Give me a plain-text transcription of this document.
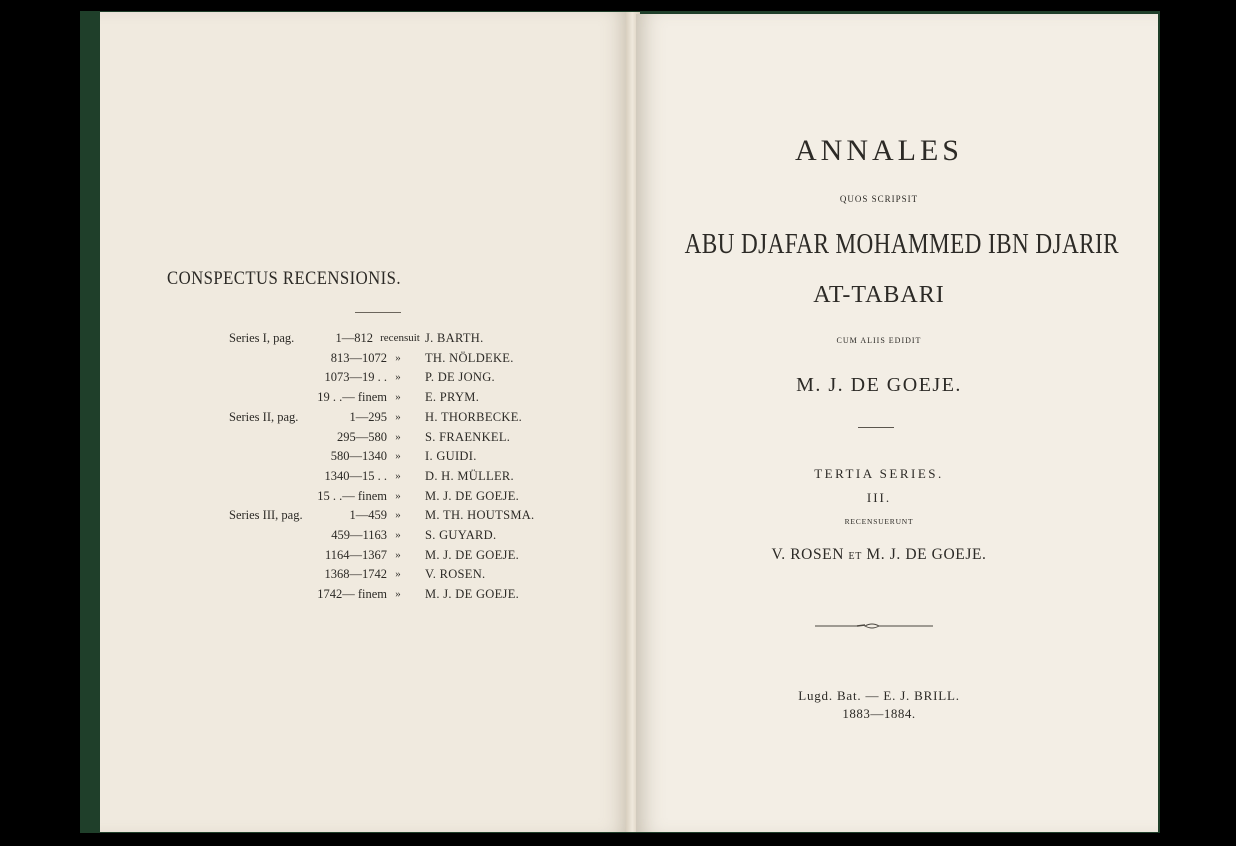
CONSPECTUS RECENSIONIS.
Series I, pag.	1—812 recensuit J. BARTH.
813—1072 »	TH. NÖLDEKE.
1073—19 . . »	P. DE JONG.
19 . .— finem »	E. PRYM.
Series II, pag.	1—295 »	H. THORBECKE.
295—580 »	S. FRAENKEL.
580—1340 »	I. GUIDI.
1340—15 . . »	D. H. MÜLLER.
15 . .— finem »	M. J. DE GOEJE.
Series III, pag.	1—459 »	M. TH. HOUTSMA.
459—1163 »	S. GUYARD.
1164—1367 »	M. J. DE GOEJE.
1368—1742 »	V. ROSEN.
1742— finem »	M. J. DE GOEJE.
ANNALES
QUOS SCRIPSIT
ABU DJAFAR MOHAMMED IBN DJARIR
AT-TABARI
CUM ALIIS EDIDIT
M. J. DE GOEJE.
TERTIA SERIES.
III.
RECENSUERUNT
V. ROSEN ET M. J. DE GOEJE.
Lugd. Bat. — E. J. BRILL.
1883—1884.
